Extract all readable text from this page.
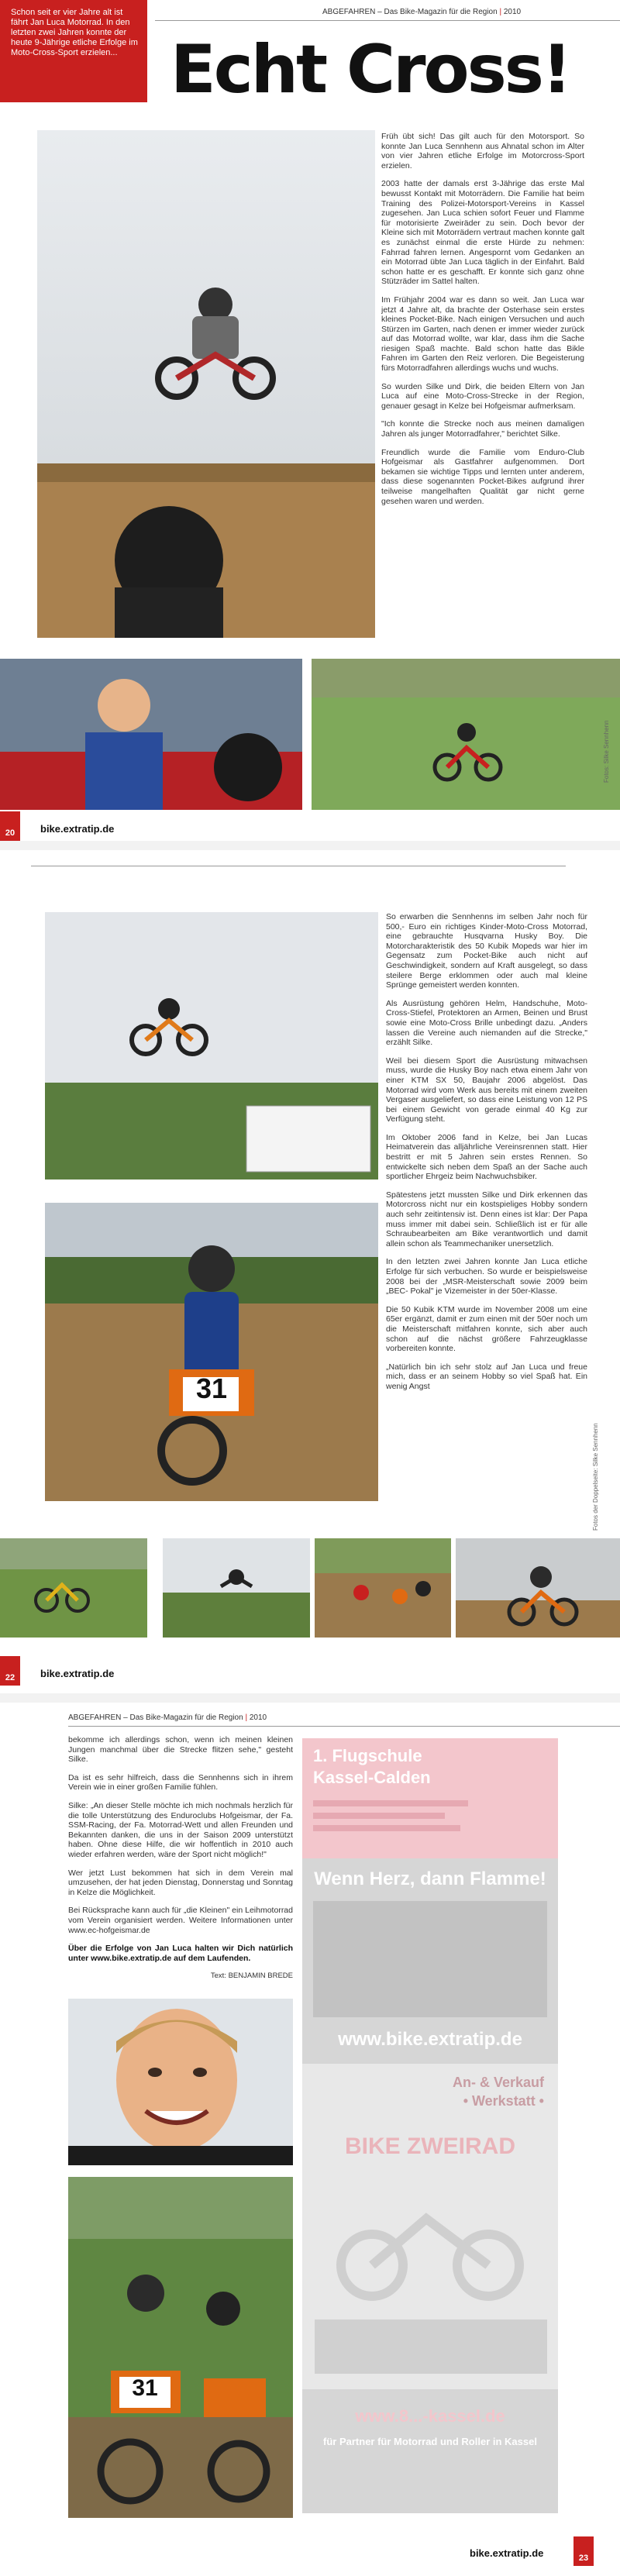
Schon seit er vier Jahre alt ist fährt Jan Luca Motorrad. In den letzten zwei Jahren konnte der heute 9-Jährige etliche Erfolge im Moto-Cross-Sport erzielen...
ABGEFAHREN – Das Bike-Magazin für die Region | 2010
Echt Cross!

Früh übt sich! Das gilt auch für den Motorsport. So konnte Jan Luca Sennhenn aus Ahnatal schon im Alter von vier Jahren etliche Erfolge im Motorcross-Sport erzielen.

2003 hatte der damals erst 3-Jährige das erste Mal bewusst Kontakt mit Motorrädern. Die Familie hat beim Training des Polizei-Motorsport-Vereins in Kassel zugesehen. Jan Luca schien sofort Feuer und Flamme für motorisierte Zweiräder zu sein. Doch bevor der Kleine sich mit Motorrädern vertraut machen konnte galt es zunächst einmal die erste Hürde zu nehmen: Fahrrad fahren lernen. Angespornt vom Gedanken an ein Motorrad übte Jan Luca täglich in der Einfahrt. Bald schon hatte er es geschafft. Er konnte sich ganz ohne Stützräder im Sattel halten.

Im Frühjahr 2004 war es dann so weit. Jan Luca war jetzt 4 Jahre alt, da brachte der Osterhase sein erstes kleines Pocket-Bike. Nach einigen Versuchen und auch Stürzen im Garten, nach denen er immer wieder zurück auf das Motorrad wollte, war klar, dass ihm die Sache riesigen Spaß machte. Bald schon hatte das Bikle Fahren im Garten den Reiz verloren. Die Begeisterung fürs Motorradfahren allerdings wuchs und wuchs.

So wurden Silke und Dirk, die beiden Eltern von Jan Luca auf eine Moto-Cross-Strecke in der Region, genauer gesagt in Kelze bei Hofgeismar aufmerksam.

"Ich konnte die Strecke noch aus meinen damaligen Jahren als junger Motorradfahrer," berichtet Silke.

Freundlich wurde die Familie vom Enduro-Club Hofgeismar als Gastfahrer aufgenommen. Dort bekamen sie wichtige Tipps und lernten unter anderem, dass diese sogenannten Pocket-Bikes aufgrund ihrer teilweise mangelhaften Qualität gar nicht gerne gesehen waren und werden.

20	bike.extratip.de
Fotos: Silke Sennhenn
31

So erwarben die Sennhenns im selben Jahr noch für 500,- Euro ein richtiges Kinder-Moto-Cross Motorrad, eine gebrauchte Husqvarna Husky Boy. Die Motorcharakteristik des 50 Kubik Mopeds war hier im Gegensatz zum Pocket-Bike auch nicht auf Geschwindigkeit, sondern auf Kraft ausgelegt, so dass steilere Berge erklommen oder auch mal kleine Sprünge gemeistert werden konnten.

Als Ausrüstung gehören Helm, Handschuhe, Moto-Cross-Stiefel, Protektoren an Armen, Beinen und Brust sowie eine Moto-Cross Brille unbedingt dazu. „Anders lassen die Vereine auch niemanden auf die Strecke," erzählt Silke.

Weil bei diesem Sport die Ausrüstung mitwachsen muss, wurde die Husky Boy nach etwa einem Jahr von einer KTM SX 50, Baujahr 2006 abgelöst. Das Motorrad wird vom Werk aus bereits mit einem zweiten Vergaser ausgeliefert, so dass eine Leistung von 12 PS bei einem Gewicht von gerade einmal 40 Kg zur Verfügung steht.

Im Oktober 2006 fand in Kelze, bei Jan Lucas Heimatverein das alljährliche Vereinsrennen statt. Hier bestritt er mit 5 Jahren sein erstes Rennen. So entwickelte sich neben dem Spaß an der Sache auch sportlicher Ehrgeiz beim Nachwuchsbiker.

Spätestens jetzt mussten Silke und Dirk erkennen das Motorcross nicht nur ein kostspieliges Hobby sondern auch sehr zeitintensiv ist. Denn eines ist klar: Der Papa muss immer mit dabei sein. Schließlich ist er für alle Schraubearbeiten am Bike verantwortlich und damit allein schon als Teammechaniker unersetzlich.

In den letzten zwei Jahren konnte Jan Luca etliche Erfolge für sich verbuchen. So wurde er beispielsweise 2008 bei der „MSR-Meisterschaft sowie 2009 beim „BEC- Pokal" je Vizemeister in der 50er-Klasse.

Die 50 Kubik KTM wurde im November 2008 um eine 65er ergänzt, damit er zum einen mit der 50er noch um die Meisterschaft mitfahren konnte, sich aber auch schon auf die nächst größere Fahrzeugklasse vorbereiten konnte.

„Natürlich bin ich sehr stolz auf Jan Luca und freue mich, dass er an seinem Hobby so viel Spaß hat. Ein wenig Angst

Fotos der Doppelseite: Silke Sennhenn
22	bike.extratip.de
ABGEFAHREN – Das Bike-Magazin für die Region | 2010

bekomme ich allerdings schon, wenn ich meinen kleinen Jungen manchmal über die Strecke flitzen sehe," gesteht Silke.

Da ist es sehr hilfreich, dass die Sennhenns sich in ihrem Verein wie in einer großen Familie fühlen.

Silke: „An dieser Stelle möchte ich mich nochmals herzlich für die tolle Unterstützung des Enduroclubs Hofgeismar, der Fa. SSM-Racing, der Fa. Motorrad-Wett und allen Freunden und Bekannten danken, die uns in der Saison 2009 unterstützt haben. Ohne diese Hilfe, die wir hoffentlich in 2010 auch wieder erfahren werden, wäre der Sport nicht möglich!"

Wer jetzt Lust bekommen hat sich in dem Verein mal umzusehen, der hat jeden Dienstag, Donnerstag und Sonntag in Kelze die Möglichkeit.

Bei Rücksprache kann auch für „die Kleinen" ein Leihmotorrad vom Verein organisiert werden. Weitere Informationen unter www.ec-hofgeismar.de

Über die Erfolge von Jan Luca halten wir Dich natürlich unter www.bike.extratip.de auf dem Laufenden.

Text: BENJAMIN BREDE

31
1. Flugschule
Kassel-Calden
Wenn Herz, dann Flamme!
www.bike.extratip.de
An- & Verkauf
• Werkstatt •
BIKE ZWEIRAD
www.8...-kassel.de
für Partner für Motorrad und Roller in Kassel
bike.extratip.de	23
